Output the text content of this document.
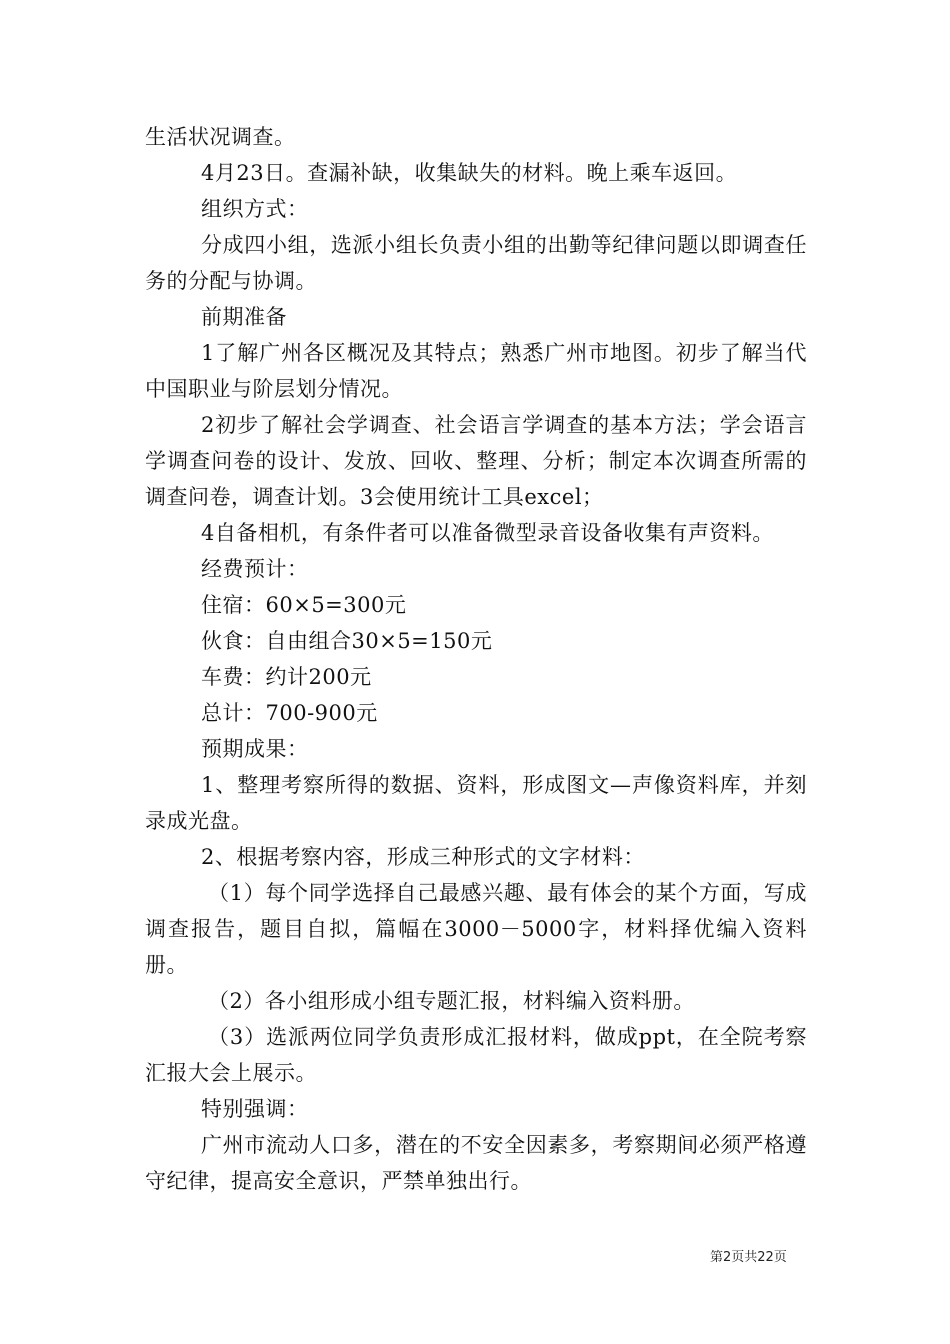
生活状况调查。

4月23日。查漏补缺，收集缺失的材料。晚上乘车返回。

组织方式：

分成四小组，选派小组长负责小组的出勤等纪律问题以即调查任务的分配与协调。

前期准备

1了解广州各区概况及其特点；熟悉广州市地图。初步了解当代中国职业与阶层划分情况。

2初步了解社会学调查、社会语言学调查的基本方法；学会语言学调查问卷的设计、发放、回收、整理、分析；制定本次调查所需的调查问卷，调查计划。3会使用统计工具excel；

4自备相机，有条件者可以准备微型录音设备收集有声资料。

经费预计：

住宿：60×5=300元

伙食：自由组合30×5=150元

车费：约计200元

总计：700-900元

预期成果：

1、整理考察所得的数据、资料，形成图文—声像资料库，并刻录成光盘。

2、根据考察内容，形成三种形式的文字材料：

（1）每个同学选择自己最感兴趣、最有体会的某个方面，写成调查报告，题目自拟，篇幅在3000－5000字，材料择优编入资料册。

（2）各小组形成小组专题汇报，材料编入资料册。

（3）选派两位同学负责形成汇报材料，做成ppt，在全院考察汇报大会上展示。

特别强调：

广州市流动人口多，潜在的不安全因素多，考察期间必须严格遵守纪律，提高安全意识，严禁单独出行。

第2页共22页
